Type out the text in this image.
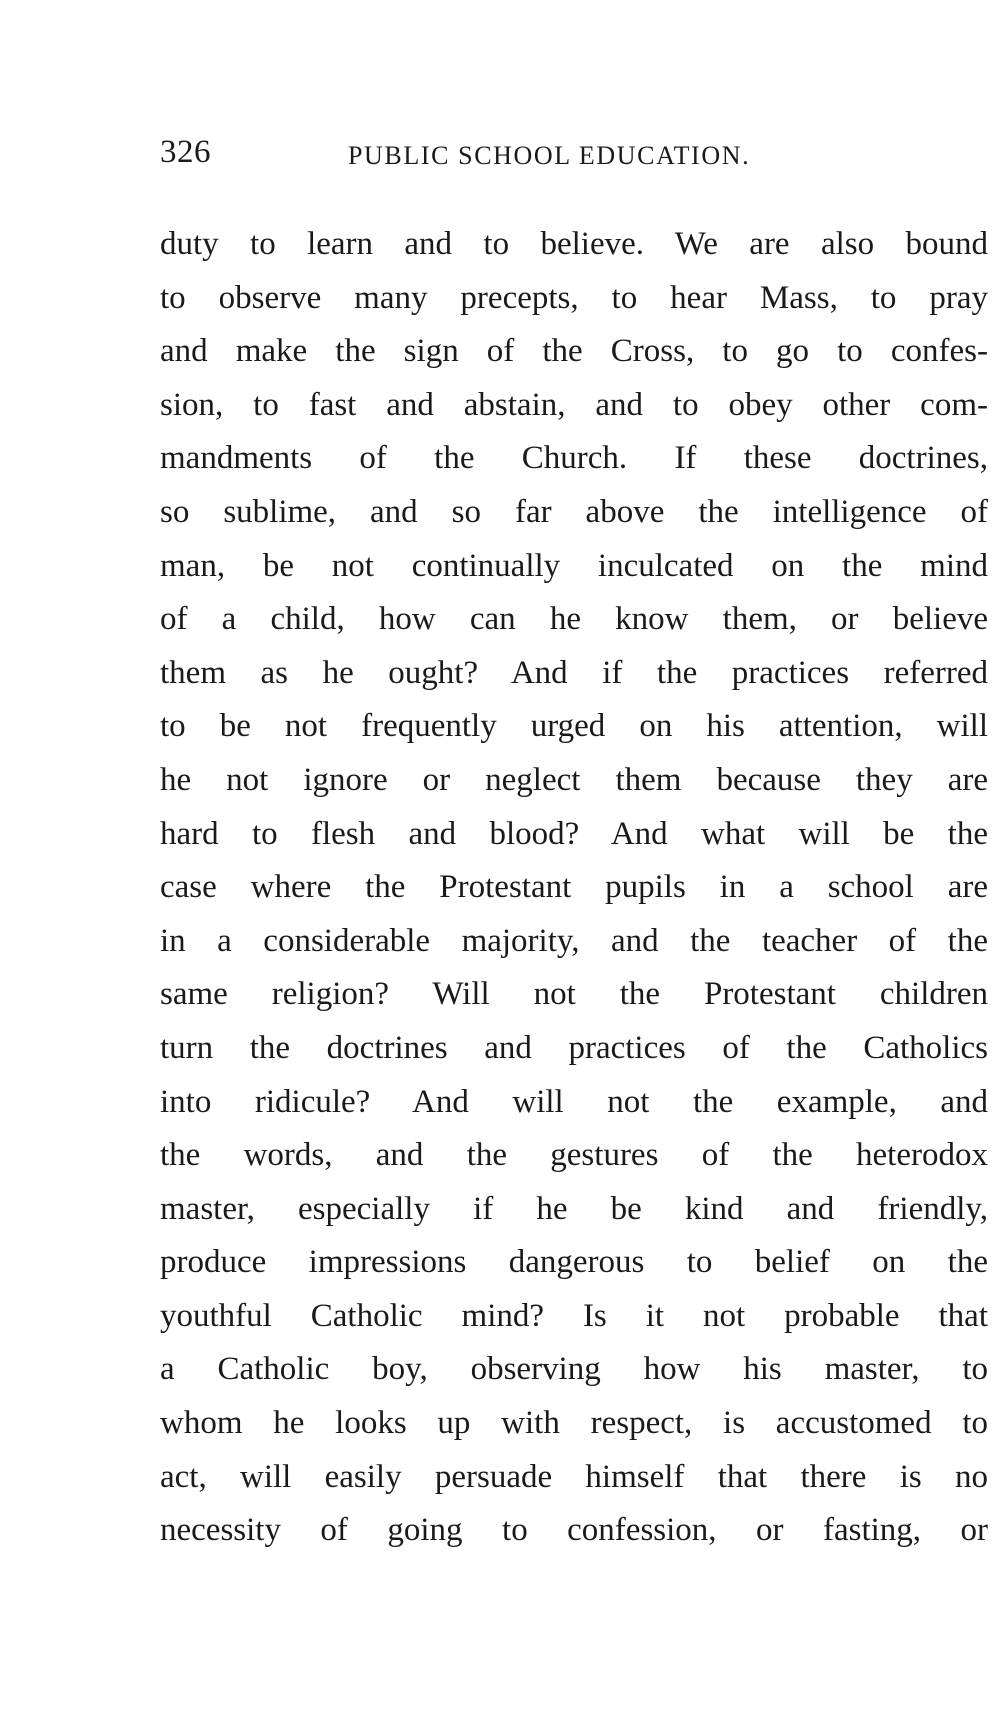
326	PUBLIC SCHOOL EDUCATION.
duty to learn and to believe. We are also bound
to observe many precepts, to hear Mass, to pray
and make the sign of the Cross, to go to confes-
sion, to fast and abstain, and to obey other com-
mandments of the Church. If these doctrines,
so sublime, and so far above the intelligence of
man, be not continually inculcated on the mind
of a child, how can he know them, or believe
them as he ought? And if the practices referred
to be not frequently urged on his attention, will
he not ignore or neglect them because they are
hard to flesh and blood? And what will be the
case where the Protestant pupils in a school are
in a considerable majority, and the teacher of the
same religion? Will not the Protestant children
turn the doctrines and practices of the Catholics
into ridicule? And will not the example, and
the words, and the gestures of the heterodox
master, especially if he be kind and friendly,
produce impressions dangerous to belief on the
youthful Catholic mind? Is it not probable that
a Catholic boy, observing how his master, to
whom he looks up with respect, is accustomed to
act, will easily persuade himself that there is no
necessity of going to confession, or fasting, or
